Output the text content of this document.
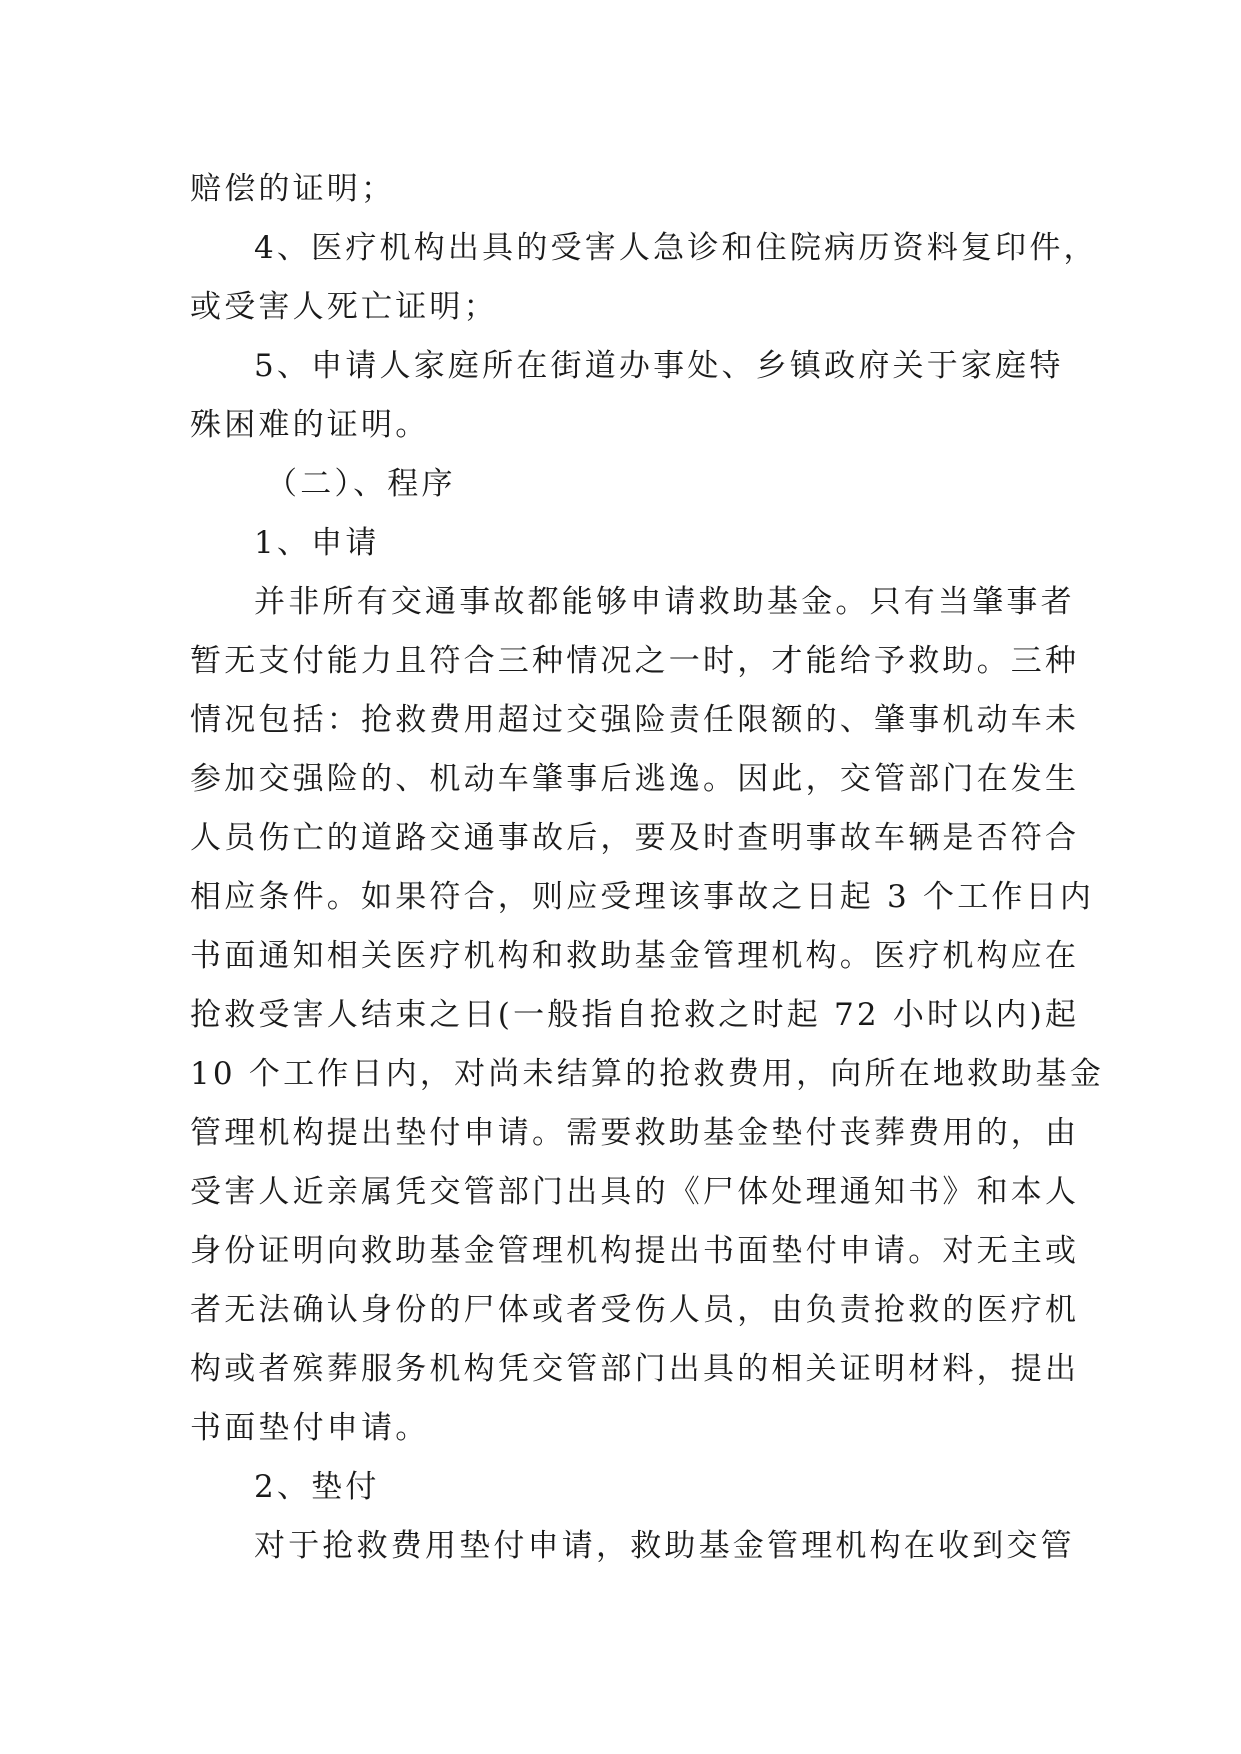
赔偿的证明；
4、医疗机构出具的受害人急诊和住院病历资料复印件，
或受害人死亡证明；
5、申请人家庭所在街道办事处、乡镇政府关于家庭特
殊困难的证明。
（二）、程序
1、申请
并非所有交通事故都能够申请救助基金。只有当肇事者
暂无支付能力且符合三种情况之一时，才能给予救助。三种
情况包括：抢救费用超过交强险责任限额的、肇事机动车未
参加交强险的、机动车肇事后逃逸。因此，交管部门在发生
人员伤亡的道路交通事故后，要及时查明事故车辆是否符合
相应条件。如果符合，则应受理该事故之日起 3 个工作日内
书面通知相关医疗机构和救助基金管理机构。医疗机构应在
抢救受害人结束之日(一般指自抢救之时起 72 小时以内)起
10 个工作日内，对尚未结算的抢救费用，向所在地救助基金
管理机构提出垫付申请。需要救助基金垫付丧葬费用的，由
受害人近亲属凭交管部门出具的《尸体处理通知书》和本人
身份证明向救助基金管理机构提出书面垫付申请。对无主或
者无法确认身份的尸体或者受伤人员，由负责抢救的医疗机
构或者殡葬服务机构凭交管部门出具的相关证明材料，提出
书面垫付申请。
2、垫付
对于抢救费用垫付申请，救助基金管理机构在收到交管
